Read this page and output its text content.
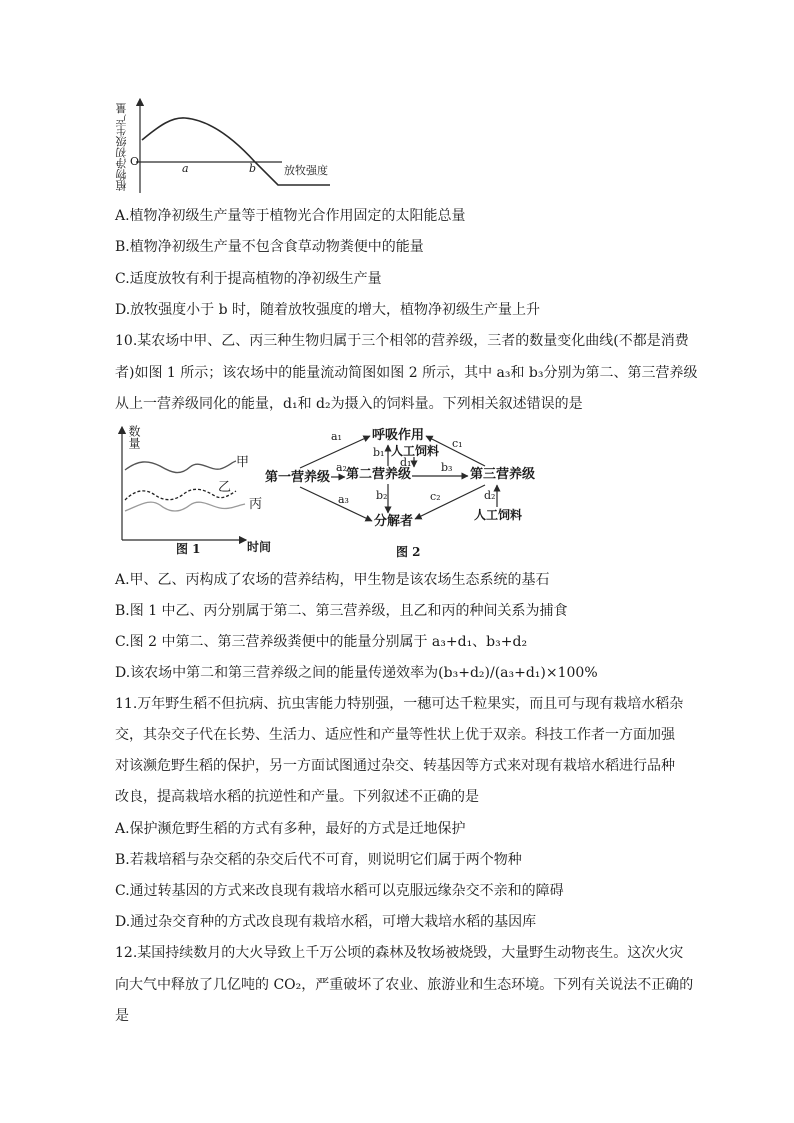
植物净初级生产量 O
a	b	放牧强度
A.植物净初级生产量等于植物光合作用固定的太阳能总量
B.植物净初级生产量不包含食草动物粪便中的能量
C.适度放牧有利于提高植物的净初级生产量
D.放牧强度小于 b 时，随着放牧强度的增大，植物净初级生产量上升
10.某农场中甲、乙、丙三种生物归属于三个相邻的营养级，三者的数量变化曲线(不都是消费
者)如图 1 所示；该农场中的能量流动简图如图 2 所示，其中 a₃和 b₃分别为第二、第三营养级
从上一营养级同化的能量，d₁和 d₂为摄入的饲料量。下列相关叙述错误的是
数量
甲
乙
丙
图 1	时间
第一营养级
呼吸作用
人工饲料
第二营养级	第三营养级
分解者	人工饲料
a₁
a₂
a₃
b₁
b₂
b₃
c₁
c₂
d₁
d₂
图 2
A.甲、乙、丙构成了农场的营养结构，甲生物是该农场生态系统的基石
B.图 1 中乙、丙分别属于第二、第三营养级，且乙和丙的种间关系为捕食
C.图 2 中第二、第三营养级粪便中的能量分别属于 a₃+d₁、b₃+d₂
D.该农场中第二和第三营养级之间的能量传递效率为(b₃+d₂)/(a₃+d₁)×100%
11.万年野生稻不但抗病、抗虫害能力特别强，一穗可达千粒果实，而且可与现有栽培水稻杂
交，其杂交子代在长势、生活力、适应性和产量等性状上优于双亲。科技工作者一方面加强
对该濒危野生稻的保护，另一方面试图通过杂交、转基因等方式来对现有栽培水稻进行品种
改良，提高栽培水稻的抗逆性和产量。下列叙述不正确的是
A.保护濒危野生稻的方式有多种，最好的方式是迁地保护
B.若栽培稻与杂交稻的杂交后代不可育，则说明它们属于两个物种
C.通过转基因的方式来改良现有栽培水稻可以克服远缘杂交不亲和的障碍
D.通过杂交育种的方式改良现有栽培水稻，可增大栽培水稻的基因库
12.某国持续数月的大火导致上千万公顷的森林及牧场被烧毁，大量野生动物丧生。这次火灾
向大气中释放了几亿吨的 CO₂，严重破坏了农业、旅游业和生态环境。下列有关说法不正确的
是
